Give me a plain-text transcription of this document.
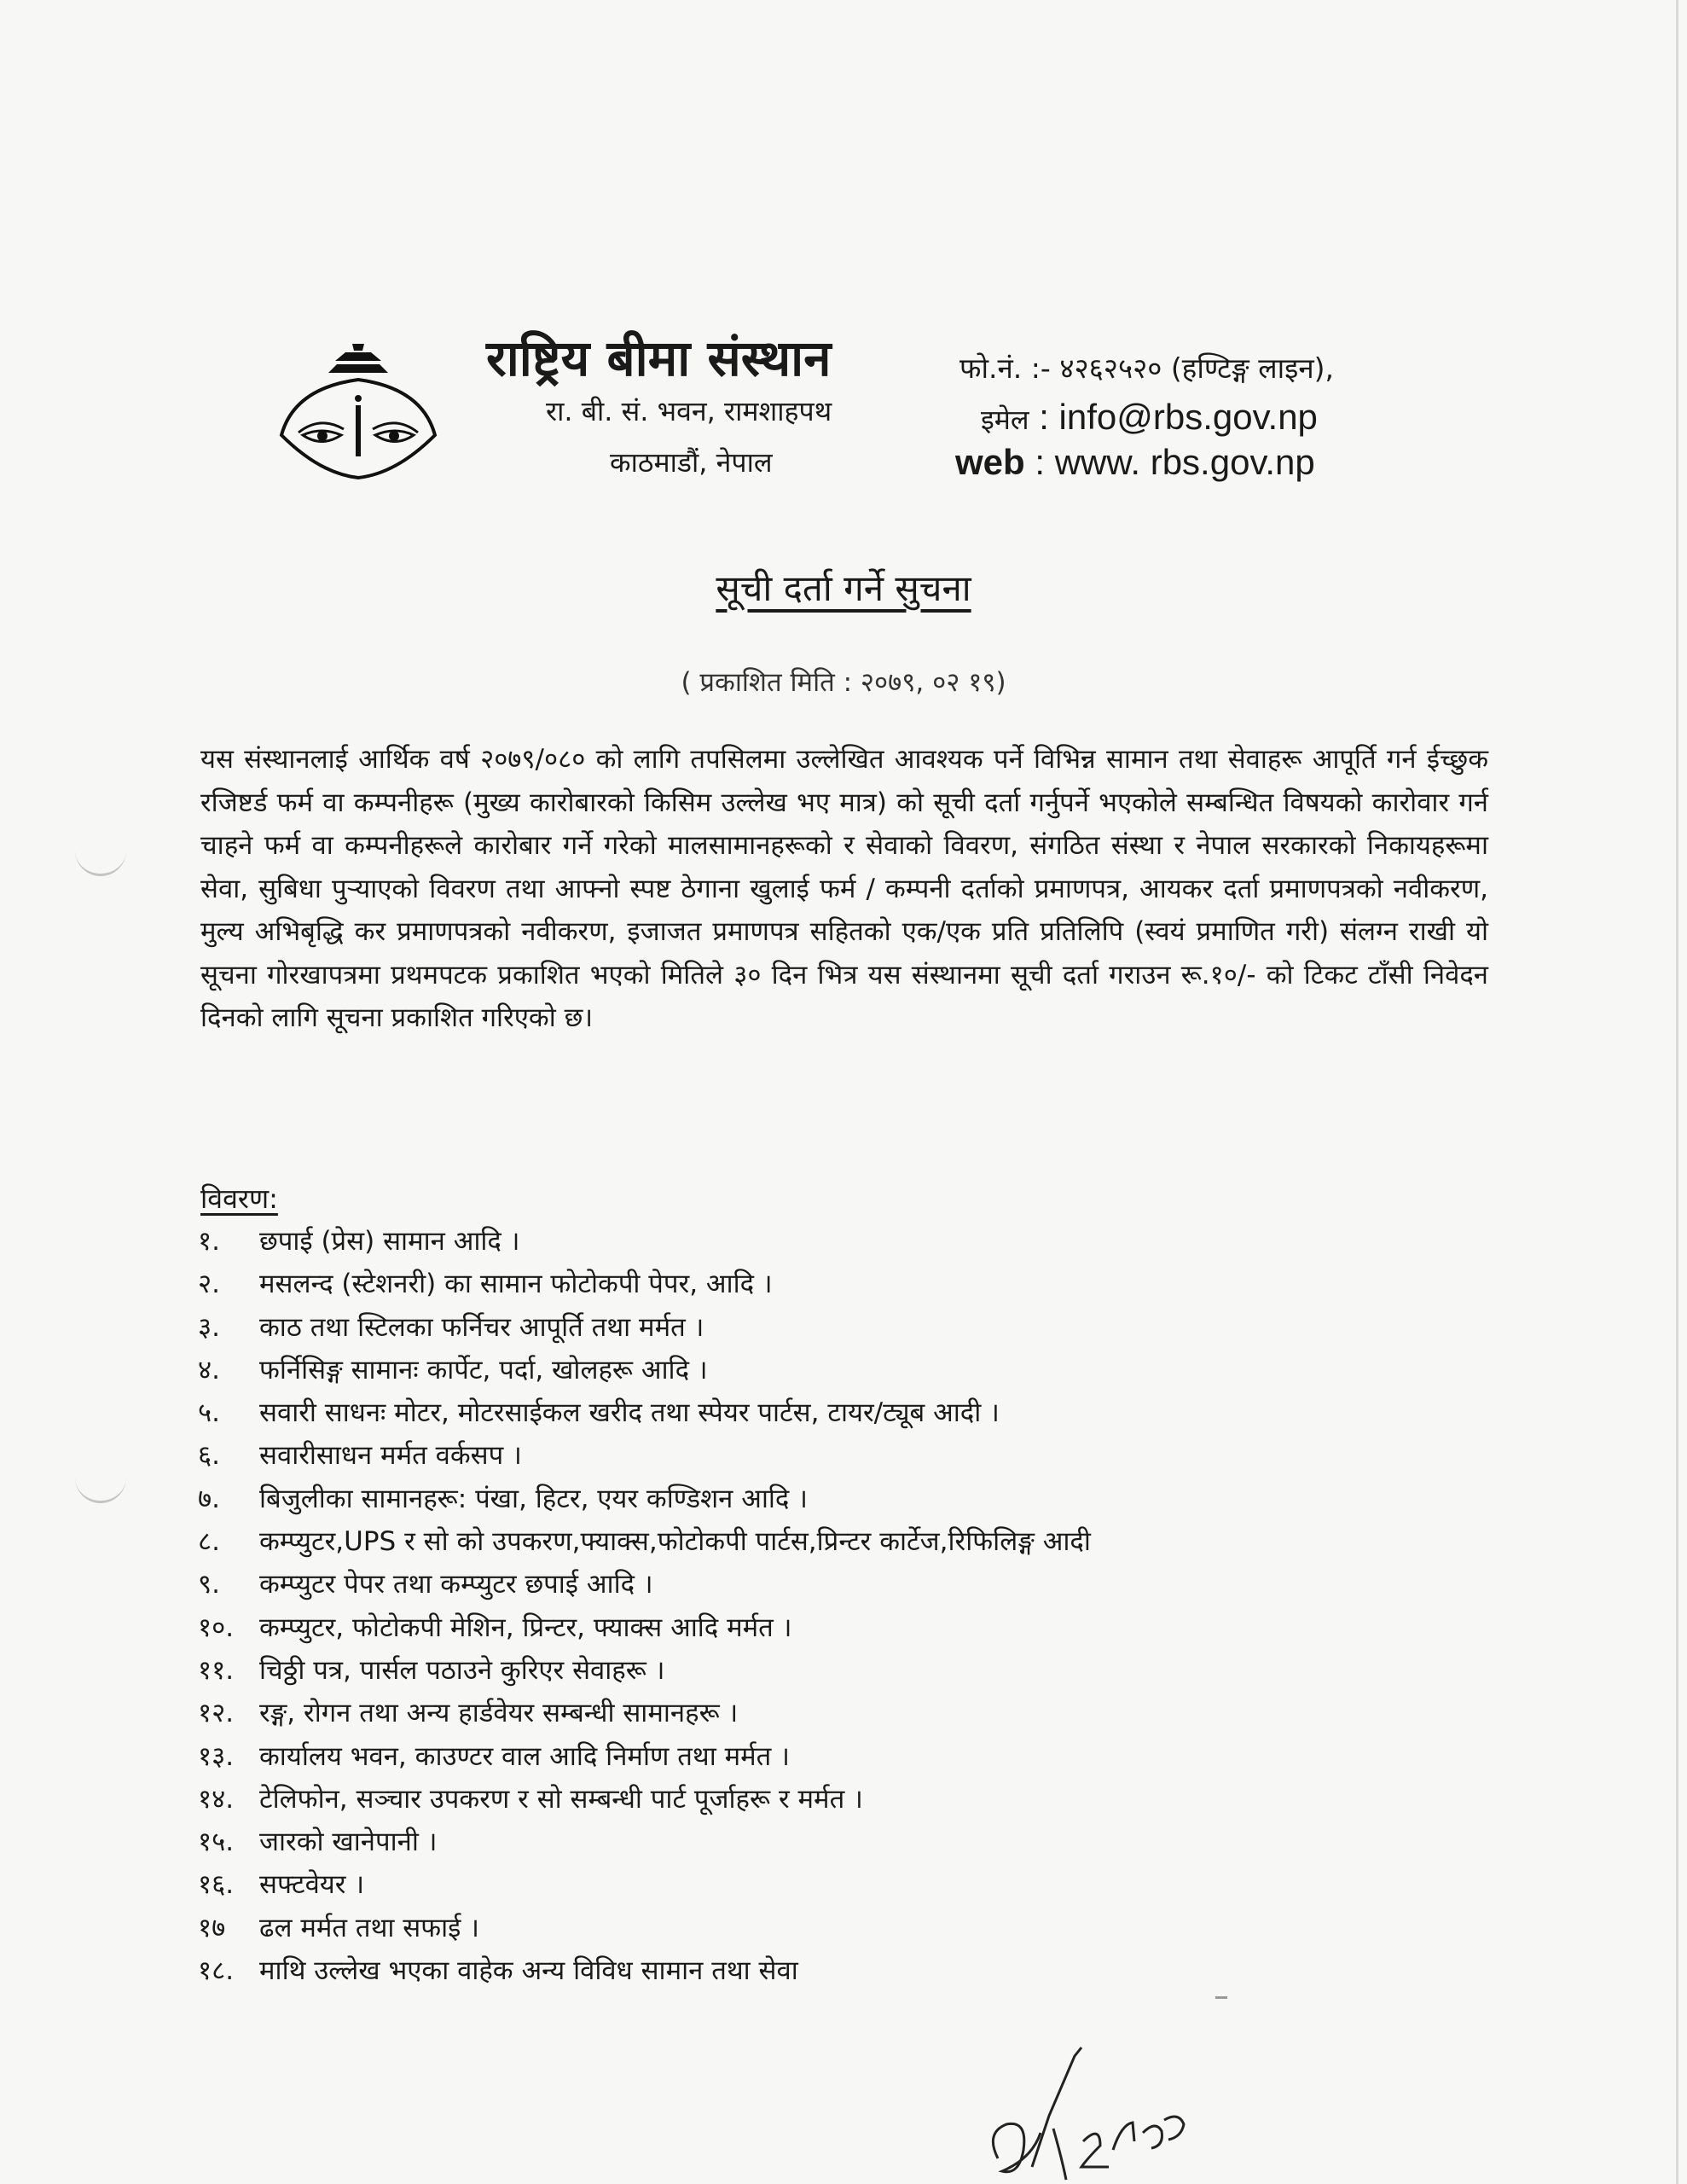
राष्ट्रिय बीमा संस्थान
रा. बी. सं. भवन, रामशाहपथ
काठमाडौं, नेपाल
फो.नं. :- ४२६२५२० (हण्टिङ्ग लाइन),
इमेल : info@rbs.gov.np
web : www. rbs.gov.np
सूची दर्ता गर्ने सुचना
( प्रकाशित मिति : २०७९, ०२ १९)

यस संस्थानलाई आर्थिक वर्ष २०७९/०८० को लागि तपसिलमा उल्लेखित आवश्यक पर्ने विभिन्न सामान तथा सेवाहरू आपूर्ति गर्न ईच्छुक रजिष्टर्ड फर्म वा कम्पनीहरू (मुख्य कारोबारको किसिम उल्लेख भए मात्र) को सूची दर्ता गर्नुपर्ने भएकोले सम्बन्धित विषयको कारोवार गर्न चाहने फर्म वा कम्पनीहरूले कारोबार गर्ने गरेको मालसामानहरूको र सेवाको विवरण, संगठित संस्था र नेपाल सरकारको निकायहरूमा सेवा, सुबिधा पुऱ्याएको विवरण तथा आफ्नो स्पष्ट ठेगाना खुलाई फर्म / कम्पनी दर्ताको प्रमाणपत्र, आयकर दर्ता प्रमाणपत्रको नवीकरण, मुल्य अभिबृद्धि कर प्रमाणपत्रको नवीकरण, इजाजत प्रमाणपत्र सहितको एक/एक प्रति प्रतिलिपि (स्वयं प्रमाणित गरी) संलग्न राखी यो सूचना गोरखापत्रमा प्रथमपटक प्रकाशित भएको मितिले ३० दिन भित्र यस संस्थानमा सूची दर्ता गराउन रू.१०/- को टिकट टाँसी निवेदन दिनको लागि सूचना प्रकाशित गरिएको छ।

विवरण:
१. छपाई (प्रेस) सामान आदि ।
२. मसलन्द (स्टेशनरी) का सामान फोटोकपी पेपर, आदि ।
३. काठ तथा स्टिलका फर्निचर आपूर्ति तथा मर्मत ।
४. फर्निसिङ्ग सामानः कार्पेट, पर्दा, खोलहरू आदि ।
५. सवारी साधनः मोटर, मोटरसाईकल खरीद तथा स्पेयर पार्टस, टायर/ट्यूब आदी ।
६. सवारीसाधन मर्मत वर्कसप ।
७. बिजुलीका सामानहरू: पंखा, हिटर, एयर कण्डिशन आदि ।
८. कम्प्युटर,UPS र सो को उपकरण,फ्याक्स,फोटोकपी पार्टस,प्रिन्टर कार्टेज,रिफिलिङ्ग आदी
९. कम्प्युटर पेपर तथा कम्प्युटर छपाई आदि ।
१०. कम्प्युटर, फोटोकपी मेशिन, प्रिन्टर, फ्याक्स आदि मर्मत ।
११. चिठ्ठी पत्र, पार्सल पठाउने कुरिएर सेवाहरू ।
१२. रङ्ग, रोगन तथा अन्य हार्डवेयर सम्बन्धी सामानहरू ।
१३. कार्यालय भवन, काउण्टर वाल आदि निर्माण तथा मर्मत ।
१४. टेलिफोन, सञ्चार उपकरण र सो सम्बन्धी पार्ट पूर्जाहरू र मर्मत ।
१५. जारको खानेपानी ।
१६. सफ्टवेयर ।
१७ ढल मर्मत तथा सफाई ।
१८. माथि उल्लेख भएका वाहेक अन्य विविध सामान तथा सेवा
